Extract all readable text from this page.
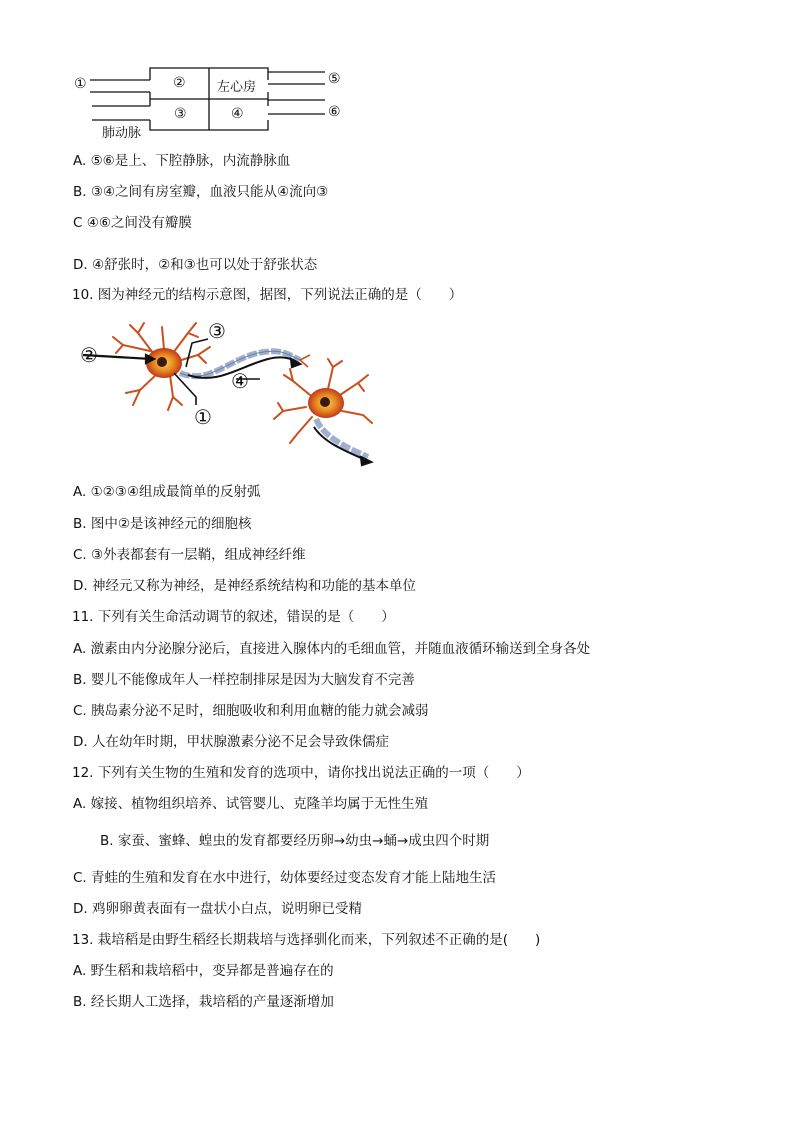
①	② 左心房
③	④
⑤
⑥
肺动脉
A. ⑤⑥是上、下腔静脉，内流静脉血
B. ③④之间有房室瓣，血液只能从④流向③
C ④⑥之间没有瓣膜
D. ④舒张时，②和③也可以处于舒张状态
10. 图为神经元的结构示意图，据图，下列说法正确的是（　　）
②
③
④
①
A. ①②③④组成最简单的反射弧
B. 图中②是该神经元的细胞核
C. ③外表都套有一层鞘，组成神经纤维
D. 神经元又称为神经，是神经系统结构和功能的基本单位
11. 下列有关生命活动调节的叙述，错误的是（　　）
A. 激素由内分泌腺分泌后，直接进入腺体内的毛细血管，并随血液循环输送到全身各处
B. 婴儿不能像成年人一样控制排尿是因为大脑发育不完善
C. 胰岛素分泌不足时，细胞吸收和利用血糖的能力就会减弱
D. 人在幼年时期，甲状腺激素分泌不足会导致侏儒症
12. 下列有关生物的生殖和发育的选项中，请你找出说法正确的一项（　　）
A. 嫁接、植物组织培养、试管婴儿、克隆羊均属于无性生殖
B. 家蚕、蜜蜂、蝗虫的发育都要经历卵→幼虫→蛹→成虫四个时期
C. 青蛙的生殖和发育在水中进行，幼体要经过变态发育才能上陆地生活
D. 鸡卵卵黄表面有一盘状小白点，说明卵已受精
13. 栽培稻是由野生稻经长期栽培与选择驯化而来，下列叙述不正确的是(　　)
A. 野生稻和栽培稻中，变异都是普遍存在的
B. 经长期人工选择，栽培稻的产量逐渐增加
